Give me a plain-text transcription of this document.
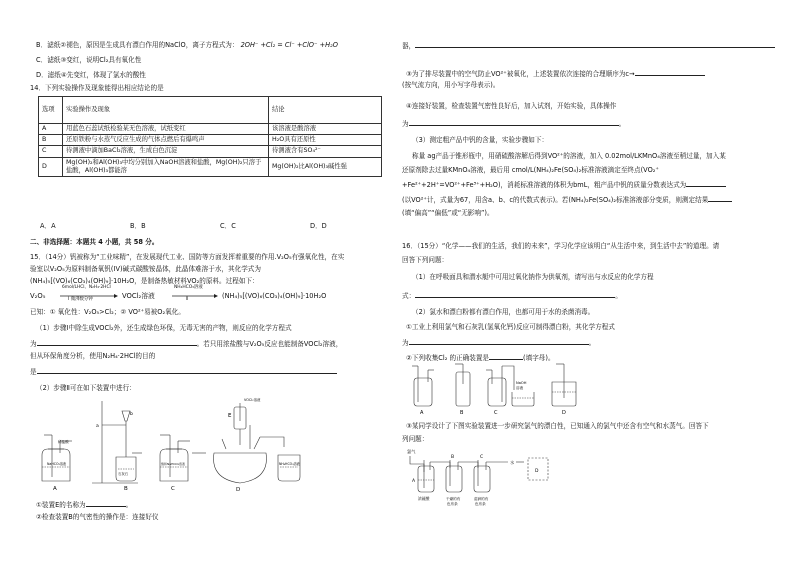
B．滤纸②褪色，原因是生成具有漂白作用的NaClO，离子方程式为： 2OH⁻ +Cl₂ = Cl⁻ +ClO⁻ +H₂O
C．滤纸③变红，说明Cl₂具有氧化性
D．滤纸④先变红，体现了氯水的酸性
14．下列实验操作及现象能得出相应结论的是
选项	实验操作及现象	结论
A	用蓝色石蕊试纸检验某无色溶液，试纸变红	该溶液是酸溶液
B	还原铁粉与水蒸气反应生成的气体点燃后有爆鸣声	H₂O具有还原性
C	待测液中滴加BaCl₂溶液，生成白色沉淀	待测液含有SO₄²⁻
D	Mg(OH)₂和Al(OH)₃中均分别加入NaOH溶液和盐酸，Mg(OH)₂只溶于盐酸，Al(OH)₃都能溶	Mg(OH)₂比Al(OH)₃碱性强
A．A	B．B	C．C	D．D
二、非选择题：本题共 4 小题，共 58 分。
15．（14分）钒被称为“工业味精”，在发展现代工业、国防等方面发挥着重要的作用.V₂O₅有强氧化性，在实
验室以V₂O₅为原料制备氧钒(IV)碱式碳酸铵晶体，此晶体难溶于水，其化学式为
(NH₄)₅[(VO)₆(CO₃)₄(OH)₉]·10H₂O，是制备热敏材料VO₂的原料。过程如下：
V₂O₅
6mol/LHCl、N₂H₄·2HCl
Ⅰ 微沸数分钟	VOCl₂溶液
NH₄HCO₃溶液
Ⅱ	(NH₄)₅[(VO)₆(CO₃)₄(OH)₉]·10H₂O
已知：① 氧化性：V₂O₅>Cl₂；② VO²⁺易被O₂氧化。
（1）步骤Ⅰ中除生成VOCl₂外，还生成绿色环保，无毒无害的产物，则反应的化学方程式
为	。若只用浓盐酸与V₂O₅反应也能制备VOCl₂溶液，
但从环保角度分析，使用N₂H₄·2HCl的目的
是
（2）步骤Ⅱ可在如下装置中进行：
A
稀盐酸
NaHCO₃溶液
a
b
B
石灰石
C
饱和NaHCO₃溶液
D
E
VOCl₂溶液
NH₄HCO₃溶液
①装置E的名称为	。
②检查装置B的气密性的操作是：连接好仪
器，
③为了排尽装置中的空气防止VO²⁺被氧化，上述装置依次连接的合理顺序为c→
(按气流方向，用小写字母表示)。
④连接好装置，检查装置气密性良好后，加入试剂，开始实验，具体操作
为	。
（3）测定粗产品中钒的含量，实验步骤如下：
称量 ag产品于锥形瓶中，用硝硫酸溶解后得到VO²⁺的溶液，加入 0.02mol/LKMnO₄溶液至稍过量，加入某
还原剂除去过量KMnO₄溶液，最后用 cmol/L(NH₄)₂Fe(SO₄)₂标准溶液滴定至终点(VO₂⁺
+Fe²⁺+2H⁺=VO²⁺+Fe³⁺+H₂O)，消耗标准溶液的体积为bmL，粗产品中钒的质量分数表达式为
(以VO²⁺计，式量为67，用含a、b、c的代数式表示)。若(NH₄)₂Fe(SO₄)₂标准溶液部分变质，则测定结果
(填“偏高”“偏低”或“无影响”)。
16．（15分）“化学——我们的生活，我们的未来”，学习化学应该明白“从生活中来，到生活中去”的道理。请
回答下列问题：
（1）在呼吸面具和潜水艇中可用过氧化钠作为供氧剂，请写出与水反应的化学方程
式：	。
（2）氯水和漂白粉都有漂白作用，也都可用于水的杀菌消毒。
①工业上利用氯气和石灰乳(氢氧化钙)反应可制得漂白粉，其化学方程式
为	。
②下列收集Cl₂ 的正确装置是	(填字母)。
A	B	C	D
NaOH
溶液
③某同学设计了下图实验装置进一步研究氯气的漂白性，已知通入的氯气中还含有空气和水蒸气。回答下
列问题：
氯气
A
B	C
D
水
浓硫酸	干燥的有
色布条
湿润的有
色布条
